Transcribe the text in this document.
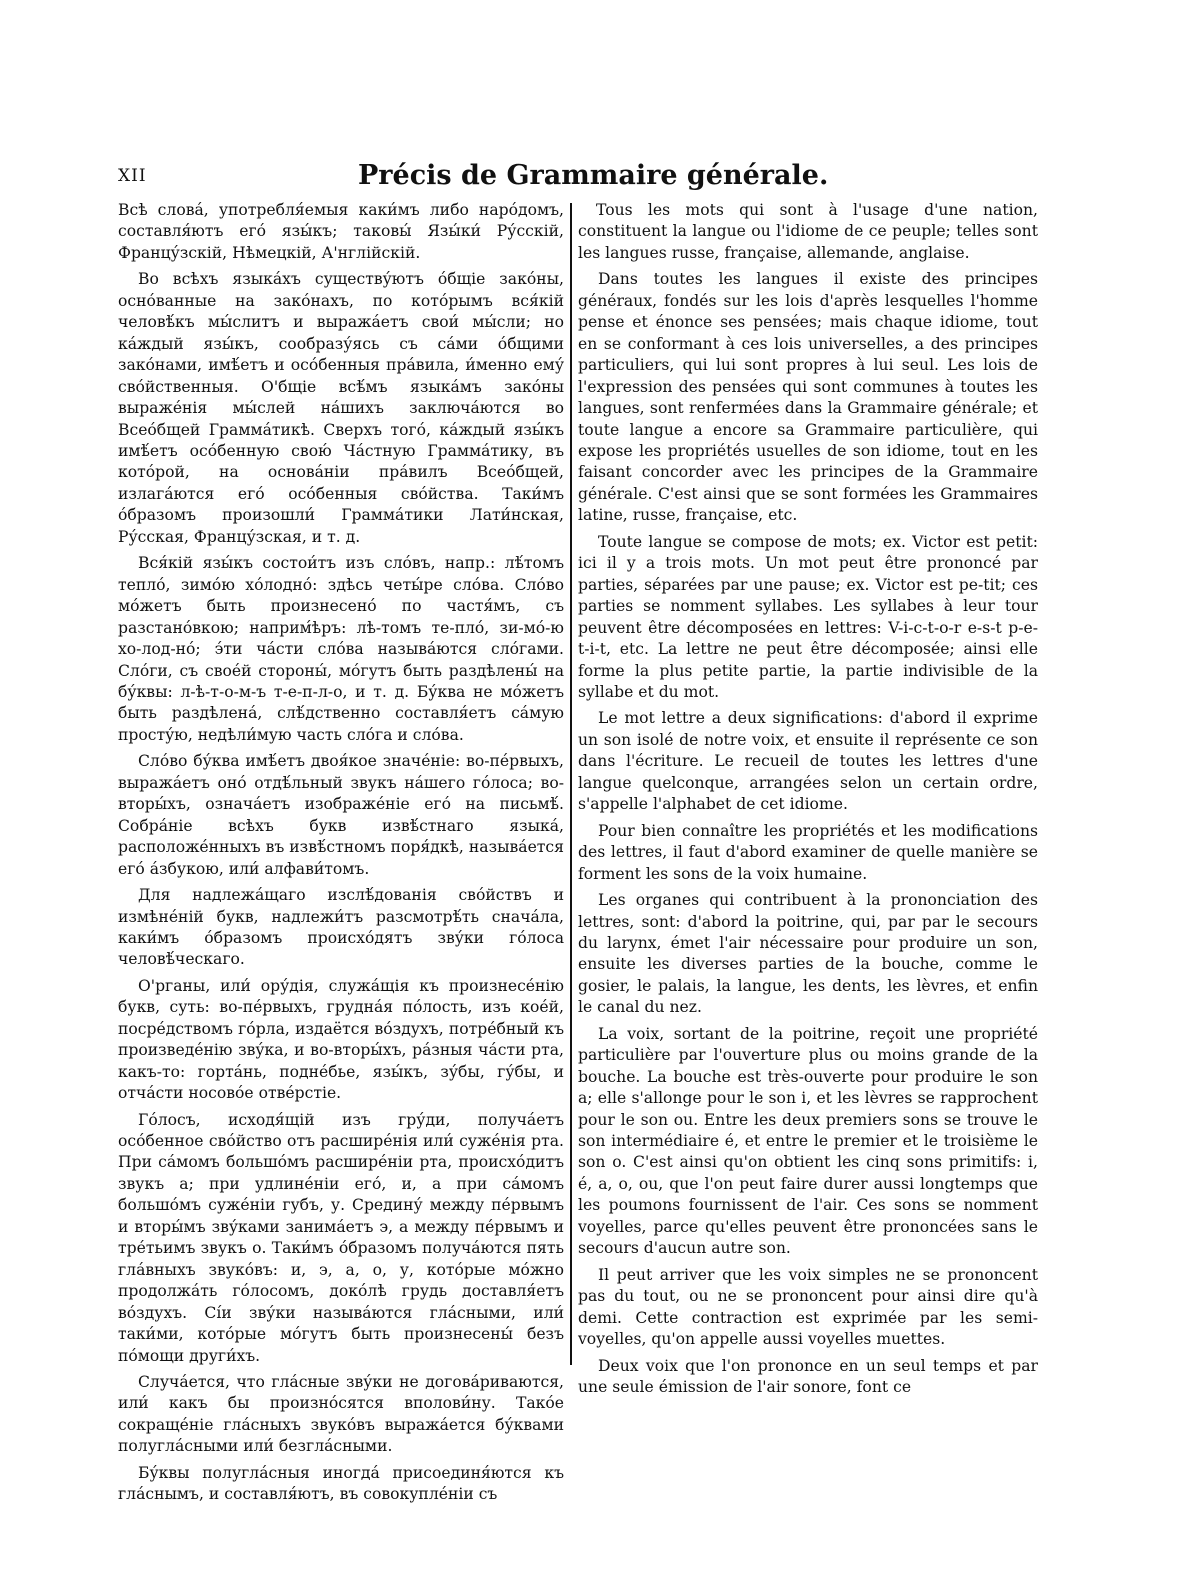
XII	Précis de Grammaire générale.

Всѣ слова́, употребля́емыя каки́мъ либо наро́домъ, составля́ютъ его́ язы́къ; таковы́ Язы́ки́ Ру́сскій, Францу́зскій, Нѣмецкій, А'нглійскій.

Во всѣхъ языка́хъ существу́ютъ о́бщіе зако́ны, осно́ванные на зако́нахъ, по кото́рымъ вся́кій человѣ́къ мы́слитъ и выража́етъ свои́ мы́сли; но ка́ждый язы́къ, сообразу́ясь съ са́ми о́бщими зако́нами, имѣ́етъ и осо́бенныя пра́вила, и́менно ему́ сво́йственныя. О'бщіе всѣ́мъ языка́мъ зако́ны выраже́нія мы́слей на́шихъ заключа́ются во Всео́бщей Грамма́тикѣ. Сверхъ того́, ка́ждый язы́къ имѣ́етъ осо́бенную свою́ Ча́стную Грамма́тику, въ кото́рой, на основа́ніи пра́вилъ Всео́бщей, излага́ются его́ осо́бенныя сво́йства. Таки́мъ о́бразомъ произошли́ Грамма́тики Лати́нская, Ру́сская, Францу́зская, и т. д.

Вся́кій язы́къ состои́тъ изъ сло́въ, напр.: лѣ́томъ тепло́, зимо́ю хо́лодно́: здѣсь четы́ре сло́ва. Сло́во мо́жетъ быть произнесено́ по частя́мъ, съ разстано́вкою; наприм́ѣръ: лѣ-томъ те-пло́, зи-мо́-ю хо-лод-но́; э́ти ча́сти сло́ва называ́ются сло́гами. Сло́ги, съ свое́й стороны́, мо́гутъ быть раздѣлены́ на бу́квы: л-ѣ-т-о-м-ъ т-е-п-л-о, и т. д. Бу́ква не мо́жетъ быть раздѣлена́, слѣ́дственно составля́етъ са́мую просту́ю, недѣли́мую часть сло́га и сло́ва.

Сло́во бу́ква имѣ́етъ двоя́кое значе́ніе: во-пе́рвыхъ, выража́етъ оно́ отдѣ́льный звукъ на́шего го́лоса; во-вторы́хъ, означа́етъ изображе́ніе его́ на письмѣ́. Собра́ніе всѣхъ букв извѣ́стнаго языка́, расположе́нныхъ въ извѣ́стномъ поря́дкѣ, называ́ется его́ а́збукою, или́ алфави́томъ.

Для надлежа́щаго изслѣ́дованія сво́йствъ и измѣне́ній букв, надлежи́тъ разсмотрѣ́ть снача́ла, каки́мъ о́бразомъ происхо́дятъ зву́ки го́лоса человѣ́ческаго.

О'рганы, или́ ору́дія, служа́щія къ произнесе́нію букв, суть: во-пе́рвыхъ, грудна́я по́лость, изъ кое́й, посре́дствомъ го́рла, издаётся во́здухъ, потре́бный къ произведе́нію зву́ка, и во-вторы́хъ, ра́зныя ча́сти рта, какъ-то: горта́нь, подне́бье, язы́къ, зу́бы, гу́бы, и отча́сти носово́е отве́рстіе.

Го́лосъ, исходя́щій изъ гру́ди, получа́етъ осо́бенное сво́йство отъ расшире́нія или́ суже́нія рта. При са́момъ большо́мъ расшире́ніи рта, происхо́дитъ звукъ а; при удлине́ніи его́, и, а при са́момъ большо́мъ суже́ніи губъ, у. Средину́ между пе́рвымъ и вторы́мъ зву́ками занима́етъ э, а между пе́рвымъ и тре́тьимъ звукъ о. Таки́мъ о́бразомъ получа́ются пять гла́вныхъ звуко́въ: и, э, а, о, у, кото́рые мо́жно продолжа́ть го́лосомъ, доко́лѣ грудь доставля́етъ во́здухъ. Сі́и зву́ки называ́ются гла́сными, или́ таки́ми, кото́рые мо́гутъ быть произнесены́ безъ по́мощи други́хъ.

Случа́ется, что гла́сные зву́ки не догова́риваются, или́ какъ бы произно́сятся вполови́ну. Тако́е сокраще́ніе гла́сныхъ звуко́въ выража́ется бу́квами полугла́сными или́ безгла́сными.

Бу́квы полугла́сныя иногда́ присоединя́ются къ гла́снымъ, и составля́ютъ, въ совокупле́ніи съ

Tous les mots qui sont à l'usage d'une nation, constituent la langue ou l'idiome de ce peuple; telles sont les langues russe, française, allemande, anglaise.

Dans toutes les langues il existe des principes généraux, fondés sur les lois d'après lesquelles l'homme pense et énonce ses pensées; mais chaque idiome, tout en se conformant à ces lois universelles, a des principes particuliers, qui lui sont propres à lui seul. Les lois de l'expression des pensées qui sont communes à toutes les langues, sont renfermées dans la Grammaire générale; et toute langue a encore sa Grammaire particulière, qui expose les propriétés usuelles de son idiome, tout en les faisant concorder avec les principes de la Grammaire générale. C'est ainsi que se sont formées les Grammaires latine, russe, française, etc.

Toute langue se compose de mots; ex. Victor est petit: ici il y a trois mots. Un mot peut être prononcé par parties, séparées par une pause; ex. Victor est pe-tit; ces parties se nomment syllabes. Les syllabes à leur tour peuvent être décomposées en lettres: V-i-c-t-o-r e-s-t p-e-t-i-t, etc. La lettre ne peut être décomposée; ainsi elle forme la plus petite partie, la partie indivisible de la syllabe et du mot.

Le mot lettre a deux significations: d'abord il exprime un son isolé de notre voix, et ensuite il représente ce son dans l'écriture. Le recueil de toutes les lettres d'une langue quelconque, arrangées selon un certain ordre, s'appelle l'alphabet de cet idiome.

Pour bien connaître les propriétés et les modifications des lettres, il faut d'abord examiner de quelle manière se forment les sons de la voix humaine.

Les organes qui contribuent à la prononciation des lettres, sont: d'abord la poitrine, qui, par par le secours du larynx, émet l'air nécessaire pour produire un son, ensuite les diverses parties de la bouche, comme le gosier, le palais, la langue, les dents, les lèvres, et enfin le canal du nez.

La voix, sortant de la poitrine, reçoit une propriété particulière par l'ouverture plus ou moins grande de la bouche. La bouche est très-ouverte pour produire le son a; elle s'allonge pour le son i, et les lèvres se rapprochent pour le son ou. Entre les deux premiers sons se trouve le son intermédiaire é, et entre le premier et le troisième le son o. C'est ainsi qu'on obtient les cinq sons primitifs: i, é, a, o, ou, que l'on peut faire durer aussi longtemps que les poumons fournissent de l'air. Ces sons se nomment voyelles, parce qu'elles peuvent être prononcées sans le secours d'aucun autre son.

Il peut arriver que les voix simples ne se prononcent pas du tout, ou ne se prononcent pour ainsi dire qu'à demi. Cette contraction est exprimée par les semi-voyelles, qu'on appelle aussi voyelles muettes.

Deux voix que l'on prononce en un seul temps et par une seule émission de l'air sonore, font ce
